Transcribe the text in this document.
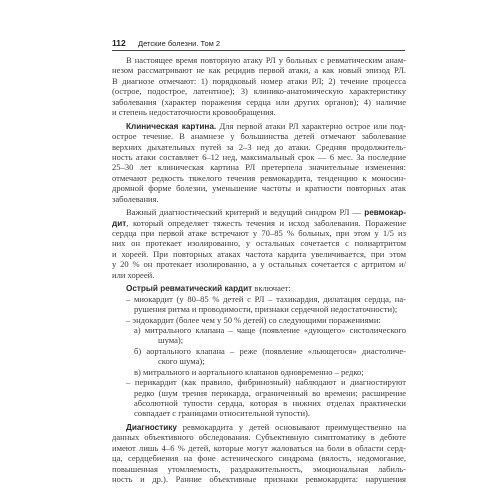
112 Детские болезни. Том 2
В настоящее время повторную атаку РЛ у больных с ревматическим анам-
незом рассматривают не как рецидив первой атаки, а как новый эпизод РЛ.
В диагнозе отмечают: 1) порядковый номер атаки РЛ; 2) течение процесса
(острое, подострое, латентное); 3) клинико-анатомическую характеристику
заболевания (характер поражения сердца или других органов); 4) наличие
и степень недостаточности кровообращения.
Клиническая картина. Для первой атаки РЛ характерно острое или под-
острое течение. В анамнезе у большинства детей отмечают заболевание
верхних дыхательных путей за 2–3 нед до атаки. Средняя продолжитель-
ность атаки составляет 6–12 нед, максимальный срок — 6 мес. За последние
25–30 лет клиническая картина РЛ претерпела значительные изменения:
отмечают редкость тяжелого течения ревмокардита, тенденцию к моносин-
дромной форме болезни, уменьшение частоты и кратности повторных атак
заболевания.
Важный диагностический критерий и ведущий синдром РЛ — ревмокар-
дит, который определяет тяжесть течения и исход заболевания. Поражение
сердца при первой атаке встречают у 70–85 % больных, при этом у 1/5 из
них он протекает изолированно, у остальных сочетается с полиартритом
и хореей. При повторных атаках частота кардита увеличивается, при этом
у 20 % он протекает изолированно, а у остальных сочетается с артритом и/
или хореей.
Острый ревматический кардит включает:
– миокардит (у 80–85 % детей с РЛ – тахикардия, дилатация сердца, на-
рушения ритма и проводимости, признаки сердечной недостаточности);
– эндокардит (более чем у 50 % детей) со следующими поражениями:
а) митрального клапана – чаще (появление «дующего» систолического
шума);
б) аортального клапана – реже (появление «льющегося» диастоличе-
ского шума);
в) митрального и аортального клапанов одновременно – редко;
– перикардит (как правило, фибринозный) наблюдают и диагностируют
редко (шум трения перикарда, ограниченный во времени; расширение
абсолютной тупости сердца, которая в нижних отделах практически
совпадает с границами относительной тупости).
Диагностику ревмокардита у детей основывают преимущественно на
данных объективного обследования. Субъективную симптоматику в дебюте
имеют лишь 4–6 % детей, которые могут жаловаться на боли в области серд-
ца, сердцебиения на фоне астенического синдрома (вялость, недомогание,
повышенная утомляемость, раздражительность, эмоциональная лабиль-
ность и др.). Ранние объективные признаки ревмокардита: нарушения
